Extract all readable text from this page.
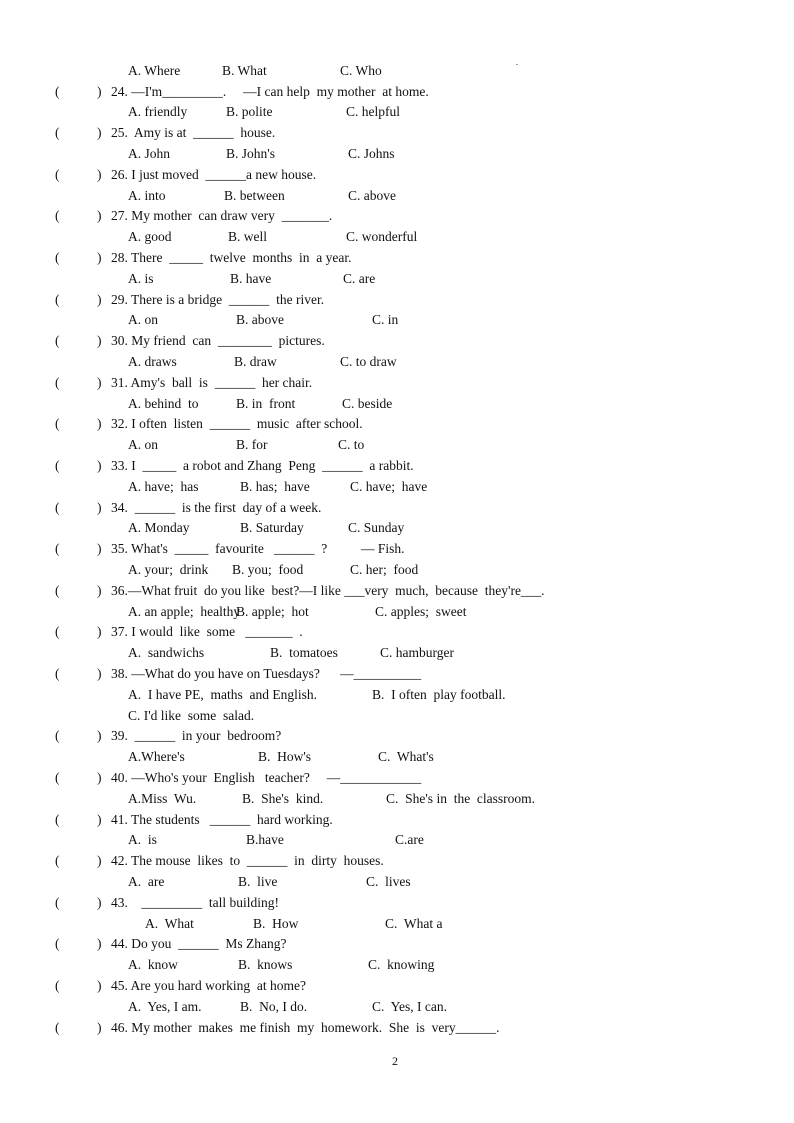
A. Where	B. What	C. Who
(	) 24. —I'm_________.     —I can help  my mother  at home.
A. friendly	B. polite	C. helpful
(	) 25.  Amy is at  ______  house.
A. John	B. John's	C. Johns
(	) 26. I just moved  ______a new house.
A. into	B. between	C. above
(	) 27. My mother  can draw very  _______.
A. good	B. well	C. wonderful
(	) 28. There  _____  twelve  months  in  a year.
A. is	B. have	C. are
(	) 29. There is a bridge  ______  the river.
A. on	B. above	C. in
(	) 30. My friend  can  ________  pictures.
A. draws	B. draw	C. to draw
(	) 31. Amy's  ball  is  ______  her chair.
A. behind  to	B. in  front	C. beside
(	) 32. I often  listen  ______  music  after school.
A. on	B. for	C. to
(	) 33. I  _____  a robot and Zhang  Peng  ______  a rabbit.
A. have;  has	B. has;  have	C. have;  have
(	) 34.  ______  is the first  day of a week.
A. Monday	B. Saturday	C. Sunday
(	) 35. What's  _____  favourite   ______  ?          — Fish.
A. your;  drink B. you;  food	C. her;  food
(	) 36.—What fruit  do you like  best?—I like ___very  much,  because  they're___.
A. an apple;  healthy
B. apple;  hot	C. apples;  sweet
(	) 37. I would  like  some   _______  .
A.  sandwichs	B.  tomatoes	C. hamburger
(	) 38. —What do you have on Tuesdays?      —__________
A.  I have PE,  maths  and English.	B.  I often  play football.
C. I'd like  some  salad.
(	) 39.  ______  in your  bedroom?
A.Where's	B.  How's	C.  What's
(	) 40. —Who's your  English   teacher?     —____________
A.Miss  Wu.	B.  She's  kind.	C.  She's in  the  classroom.
(	) 41. The students   ______  hard working.
A.  is	B.have	C.are
(	) 42. The mouse  likes  to  ______  in  dirty  houses.
A.  are	B.  live	C.  lives
(	) 43.    _________  tall building!
A.  What	B.  How	C.  What a
(	) 44. Do you  ______  Ms Zhang?
A.  know	B.  knows	C.  knowing
(	) 45. Are you hard working  at home?
A.  Yes, I am.	B.  No, I do.	C.  Yes, I can.
(	) 46. My mother  makes  me finish  my  homework.  She  is  very______.
2
